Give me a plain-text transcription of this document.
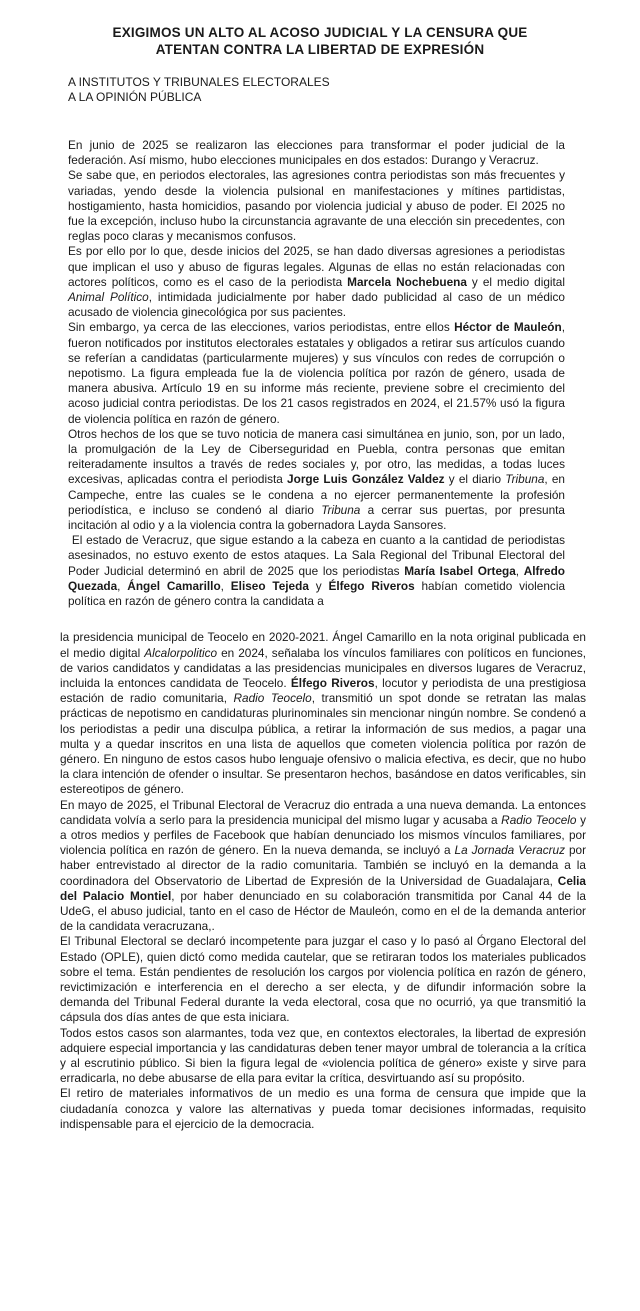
EXIGIMOS UN ALTO AL ACOSO JUDICIAL Y LA CENSURA QUE
ATENTAN CONTRA LA LIBERTAD DE EXPRESIÓN
A INSTITUTOS Y TRIBUNALES ELECTORALES
A LA OPINIÓN PÚBLICA

En junio de 2025 se realizaron las elecciones para transformar el poder judicial de la federación. Así mismo, hubo elecciones municipales en dos estados: Durango y Veracruz.

Se sabe que, en periodos electorales, las agresiones contra periodistas son más frecuentes y variadas, yendo desde la violencia pulsional en manifestaciones y mítines partidistas, hostigamiento, hasta homicidios, pasando por violencia judicial y abuso de poder. El 2025 no fue la excepción, incluso hubo la circunstancia agravante de una elección sin precedentes, con reglas poco claras y mecanismos confusos.

Es por ello por lo que, desde inicios del 2025, se han dado diversas agresiones a periodistas que implican el uso y abuso de figuras legales. Algunas de ellas no están relacionadas con actores políticos, como es el caso de la periodista Marcela Nochebuena y el medio digital Animal Político, intimidada judicialmente por haber dado publicidad al caso de un médico acusado de violencia ginecológica por sus pacientes.

Sin embargo, ya cerca de las elecciones, varios periodistas, entre ellos Héctor de Mauleón, fueron notificados por institutos electorales estatales y obligados a retirar sus artículos cuando se referían a candidatas (particularmente mujeres) y sus vínculos con redes de corrupción o nepotismo. La figura empleada fue la de violencia política por razón de género, usada de manera abusiva. Artículo 19 en su informe más reciente, previene sobre el crecimiento del acoso judicial contra periodistas. De los 21 casos registrados en 2024, el 21.57% usó la figura de violencia política en razón de género.

Otros hechos de los que se tuvo noticia de manera casi simultánea en junio, son, por un lado, la promulgación de la Ley de Ciberseguridad en Puebla, contra personas que emitan reiteradamente insultos a través de redes sociales y, por otro, las medidas, a todas luces excesivas, aplicadas contra el periodista Jorge Luis González Valdez y el diario Tribuna, en Campeche, entre las cuales se le condena a no ejercer permanentemente la profesión periodística, e incluso se condenó al diario Tribuna a cerrar sus puertas, por presunta incitación al odio y a la violencia contra la gobernadora Layda Sansores.

El estado de Veracruz, que sigue estando a la cabeza en cuanto a la cantidad de periodistas asesinados, no estuvo exento de estos ataques. La Sala Regional del Tribunal Electoral del Poder Judicial determinó en abril de 2025 que los periodistas María Isabel Ortega, Alfredo Quezada, Ángel Camarillo, Eliseo Tejeda y Élfego Riveros habían cometido violencia política en razón de género contra la candidata a

la presidencia municipal de Teocelo en 2020-2021. Ángel Camarillo en la nota original publicada en el medio digital Alcalorpolitico en 2024, señalaba los vínculos familiares con políticos en funciones, de varios candidatos y candidatas a las presidencias municipales en diversos lugares de Veracruz, incluida la entonces candidata de Teocelo. Élfego Riveros, locutor y periodista de una prestigiosa estación de radio comunitaria, Radio Teocelo, transmitió un spot donde se retratan las malas prácticas de nepotismo en candidaturas plurinominales sin mencionar ningún nombre. Se condenó a los periodistas a pedir una disculpa pública, a retirar la información de sus medios, a pagar una multa y a quedar inscritos en una lista de aquellos que cometen violencia política por razón de género. En ninguno de estos casos hubo lenguaje ofensivo o malicia efectiva, es decir, que no hubo la clara intención de ofender o insultar. Se presentaron hechos, basándose en datos verificables, sin estereotipos de género.

En mayo de 2025, el Tribunal Electoral de Veracruz dio entrada a una nueva demanda. La entonces candidata volvía a serlo para la presidencia municipal del mismo lugar y acusaba a Radio Teocelo y a otros medios y perfiles de Facebook que habían denunciado los mismos vínculos familiares, por violencia política en razón de género. En la nueva demanda, se incluyó a La Jornada Veracruz por haber entrevistado al director de la radio comunitaria. También se incluyó en la demanda a la coordinadora del Observatorio de Libertad de Expresión de la Universidad de Guadalajara, Celia del Palacio Montiel, por haber denunciado en su colaboración transmitida por Canal 44 de la UdeG, el abuso judicial, tanto en el caso de Héctor de Mauleón, como en el de la demanda anterior de la candidata veracruzana,.

El Tribunal Electoral se declaró incompetente para juzgar el caso y lo pasó al Órgano Electoral del Estado (OPLE), quien dictó como medida cautelar, que se retiraran todos los materiales publicados sobre el tema. Están pendientes de resolución los cargos por violencia política en razón de género, revictimización e interferencia en el derecho a ser electa, y de difundir información sobre la demanda del Tribunal Federal durante la veda electoral, cosa que no ocurrió, ya que transmitió la cápsula dos días antes de que esta iniciara.

Todos estos casos son alarmantes, toda vez que, en contextos electorales, la libertad de expresión adquiere especial importancia y las candidaturas deben tener mayor umbral de tolerancia a la crítica y al escrutinio público. Si bien la figura legal de «violencia política de género» existe y sirve para erradicarla, no debe abusarse de ella para evitar la crítica, desvirtuando así su propósito.

El retiro de materiales informativos de un medio es una forma de censura que impide que la ciudadanía conozca y valore las alternativas y pueda tomar decisiones informadas, requisito indispensable para el ejercicio de la democracia.
